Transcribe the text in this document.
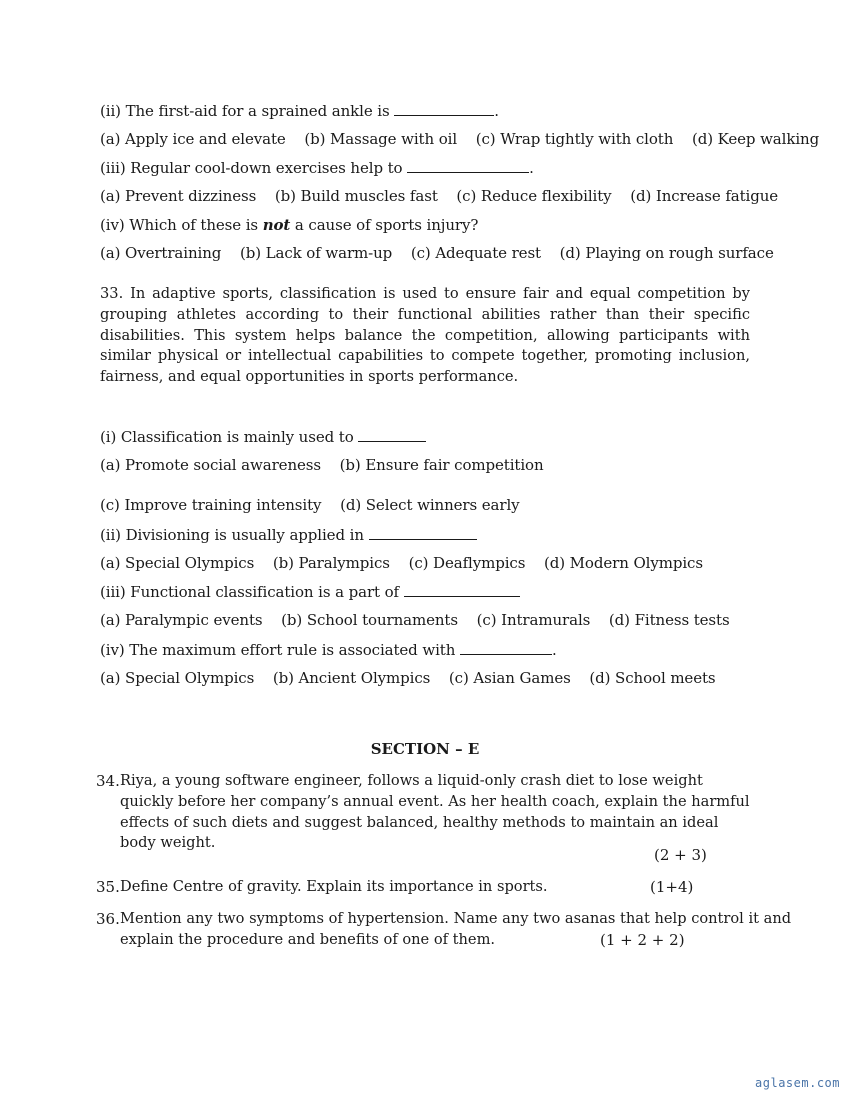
(ii) The first-aid for a sprained ankle is	.
(a) Apply ice and elevate (b) Massage with oil (c) Wrap tightly with cloth (d) Keep walking
(iii) Regular cool-down exercises help to	.
(a) Prevent dizziness (b) Build muscles fast (c) Reduce flexibility (d) Increase fatigue
(iv) Which of these is not a cause of sports injury?
(a) Overtraining (b) Lack of warm-up (c) Adequate rest (d) Playing on rough surface
33. In adaptive sports, classification is used to ensure fair and equal competition by grouping athletes according to their functional abilities rather than their specific disabilities. This system helps balance the competition, allowing participants with similar physical or intellectual capabilities to compete together, promoting inclusion, fairness, and equal opportunities in sports performance.
(i) Classification is mainly used to
(a) Promote social awareness (b) Ensure fair competition
(c) Improve training intensity (d) Select winners early
(ii) Divisioning is usually applied in
(a) Special Olympics (b) Paralympics (c) Deaflympics (d) Modern Olympics
(iii) Functional classification is a part of
(a) Paralympic events (b) School tournaments (c) Intramurals (d) Fitness tests
(iv) The maximum effort rule is associated with	.
(a) Special Olympics (b) Ancient Olympics (c) Asian Games (d) School meets
SECTION – E
34. Riya, a young software engineer, follows a liquid-only crash diet to lose weight quickly before her company’s annual event. As her health coach, explain the harmful effects of such diets and suggest balanced, healthy methods to maintain an ideal body weight.
(2 + 3)
35. Define Centre of gravity. Explain its importance in sports.	(1+4)
36. Mention any two symptoms of hypertension. Name any two asanas that help control it and
explain the procedure and benefits of one of them.	(1 + 2 + 2)
aglasem.com
